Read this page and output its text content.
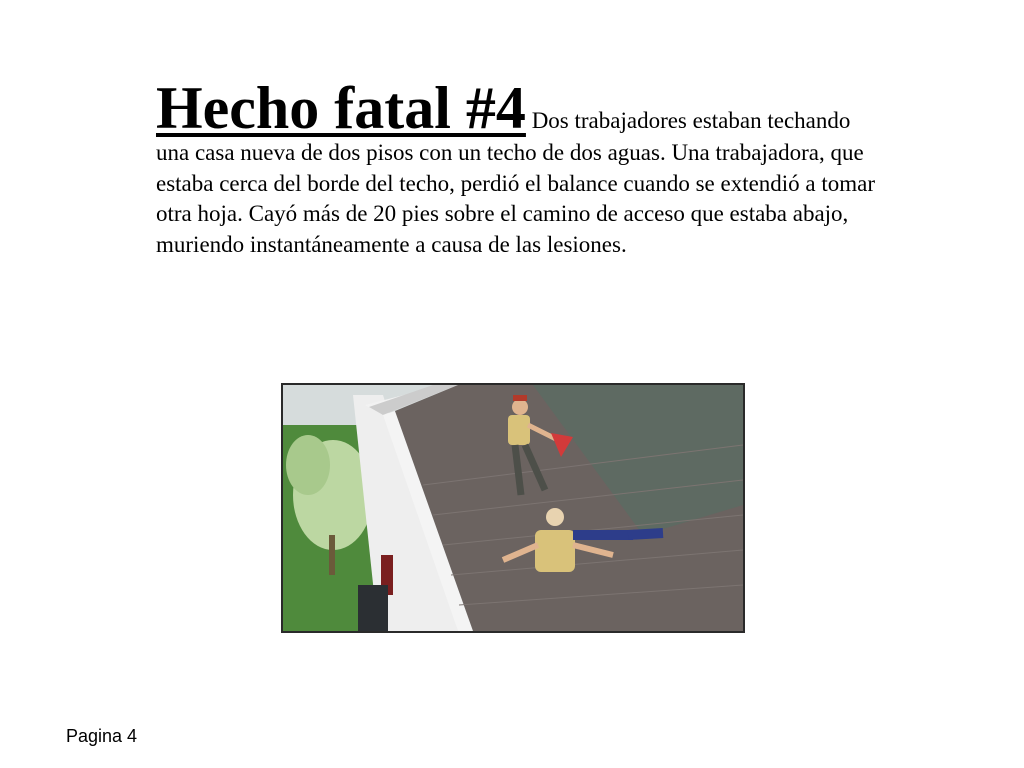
Hecho fatal #4 Dos trabajadores estaban techando una casa nueva de dos pisos con un techo de dos aguas. Una trabajadora, que estaba cerca del borde del techo, perdió el balance cuando se extendió a tomar otra hoja. Cayó más de 20 pies sobre el camino de acceso que estaba abajo, muriendo instantáneamente a causa de las lesiones.
Pagina 4
